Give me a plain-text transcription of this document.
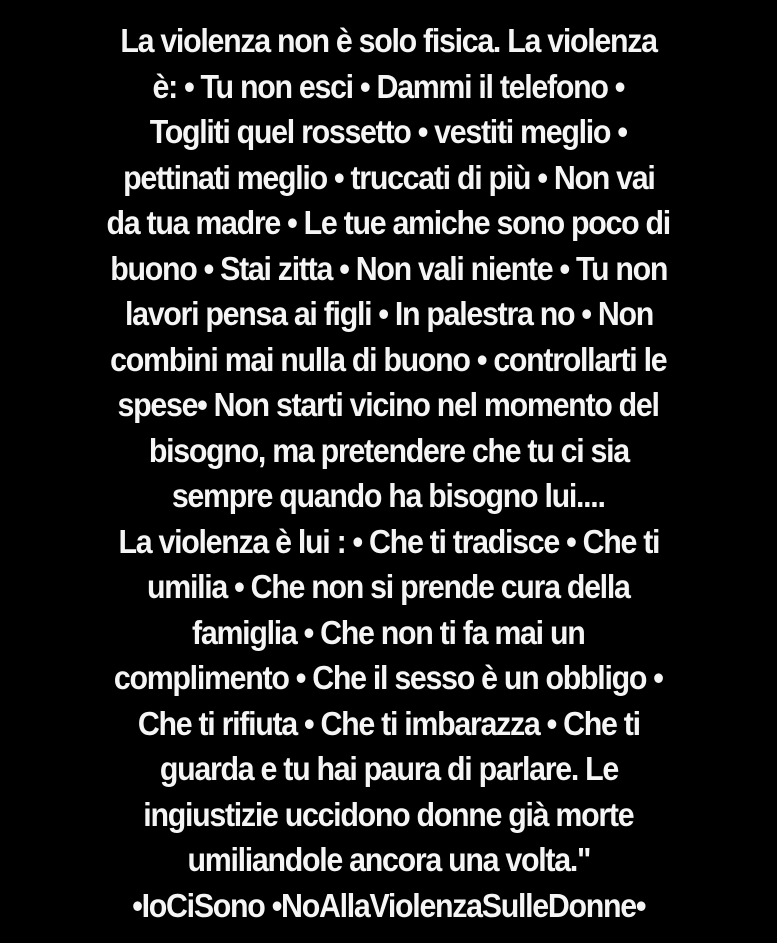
La violenza non è solo fisica. La violenza
è: • Tu non esci • Dammi il telefono •
Togliti quel rossetto • vestiti meglio •
pettinati meglio • truccati di più • Non vai
da tua madre • Le tue amiche sono poco di
buono • Stai zitta • Non vali niente • Tu non
lavori pensa ai figli • In palestra no • Non
combini mai nulla di buono • controllarti le
spese• Non starti vicino nel momento del
bisogno, ma pretendere che tu ci sia
sempre quando ha bisogno lui....
La violenza è lui : • Che ti tradisce • Che ti
umilia • Che non si prende cura della
famiglia • Che non ti fa mai un
complimento • Che il sesso è un obbligo •
Che ti rifiuta • Che ti imbarazza • Che ti
guarda e tu hai paura di parlare. Le
ingiustizie uccidono donne già morte
umiliandole ancora una volta."
•IoCiSono •NoAllaViolenzaSulleDonne•
